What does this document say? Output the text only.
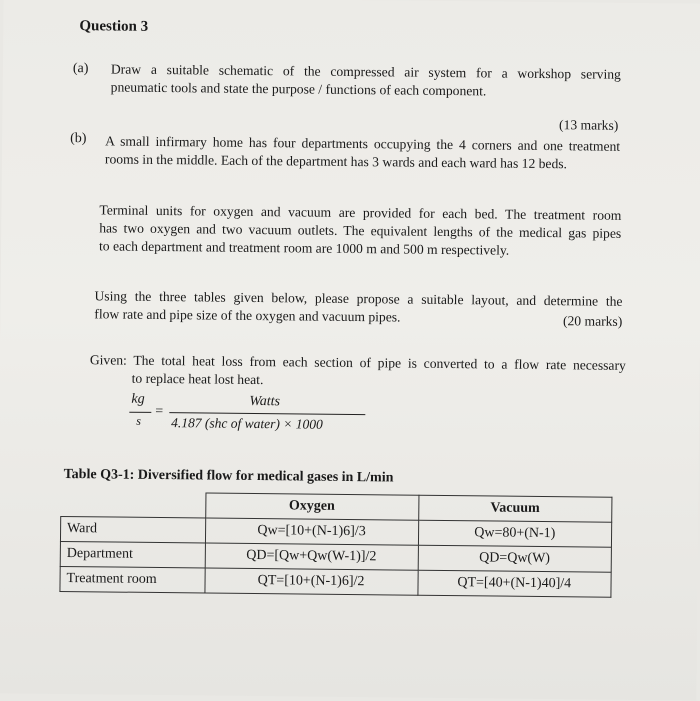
Question 3
(a) Draw a suitable schematic of the compressed air system for a workshop serving
pneumatic tools and state the purpose / functions of each component.
(13 marks)
(b) A small infirmary home has four departments occupying the 4 corners and one treatment
rooms in the middle. Each of the department has 3 wards and each ward has 12 beds.
Terminal units for oxygen and vacuum are provided for each bed. The treatment room
has two oxygen and two vacuum outlets. The equivalent lengths of the medical gas pipes
to each department and treatment room are 1000 m and 500 m respectively.
Using the three tables given below, please propose a suitable layout, and determine the
flow rate and pipe size of the oxygen and vacuum pipes.	(20 marks)
Given: The total heat loss from each section of pipe is converted to a flow rate necessary
to replace heat lost heat.
kg
s
=
Watts
4.187 (shc of water) × 1000
Table Q3-1: Diversified flow for medical gases in L/min
	Oxygen	Vacuum
Ward	Qw=[10+(N-1)6]/3	Qw=80+(N-1)
Department	QD=[Qw+Qw(W-1)]/2	QD=Qw(W)
Treatment room	QT=[10+(N-1)6]/2	QT=[40+(N-1)40]/4
